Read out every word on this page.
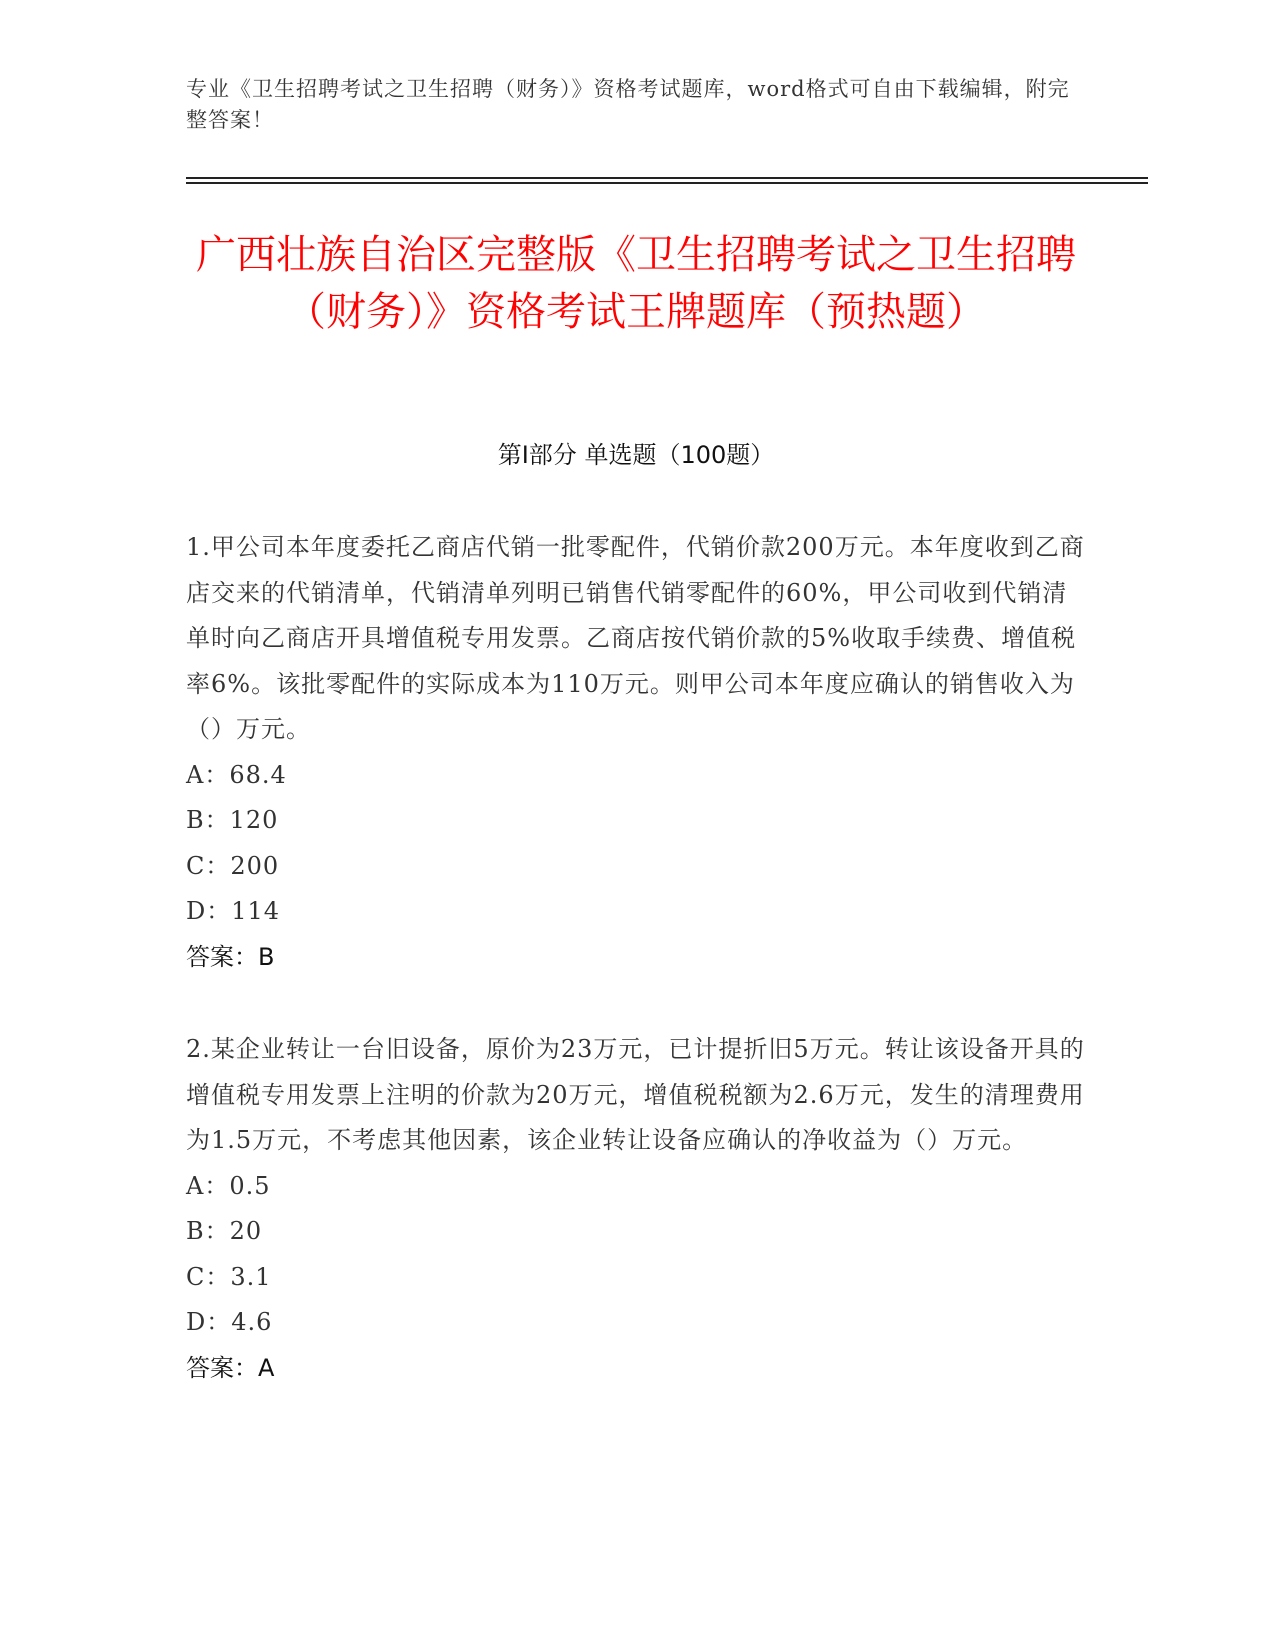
专业《卫生招聘考试之卫生招聘（财务）》资格考试题库，word格式可自由下载编辑，附完整答案！
广西壮族自治区完整版《卫生招聘考试之卫生招聘（财务）》资格考试王牌题库（预热题）
第I部分 单选题（100题）

1.甲公司本年度委托乙商店代销一批零配件，代销价款200万元。本年度收到乙商店交来的代销清单，代销清单列明已销售代销零配件的60%，甲公司收到代销清单时向乙商店开具增值税专用发票。乙商店按代销价款的5%收取手续费、增值税率6%。该批零配件的实际成本为110万元。则甲公司本年度应确认的销售收入为（）万元。

A：68.4
B：120
C：200
D：114
答案：B

2.某企业转让一台旧设备，原价为23万元，已计提折旧5万元。转让该设备开具的增值税专用发票上注明的价款为20万元，增值税税额为2.6万元，发生的清理费用为1.5万元，不考虑其他因素，该企业转让设备应确认的净收益为（）万元。

A：0.5
B：20
C：3.1
D：4.6
答案：A
